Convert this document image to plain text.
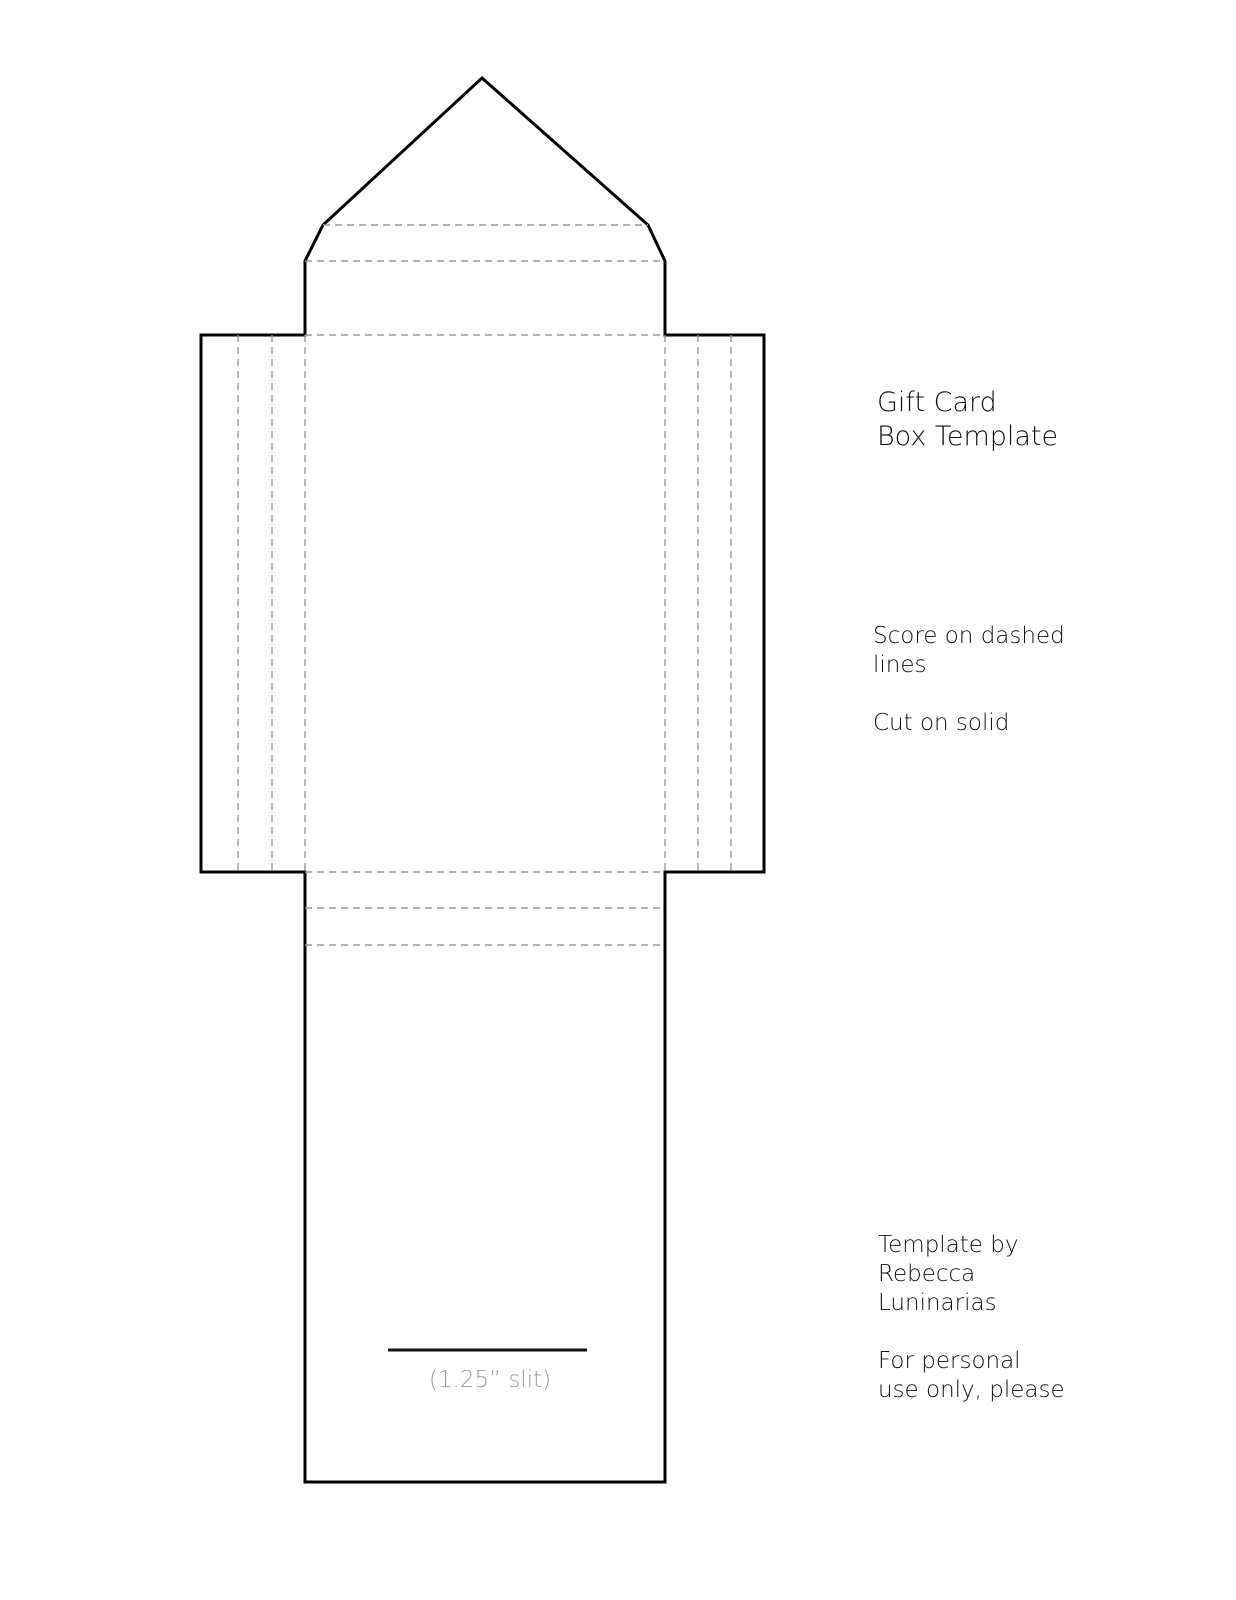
Gift Card
Box Template
Score on dashed
lines
Cut on solid
Template by
Rebecca
Luninarias
For personal
use only, please
(1.25” slit)
